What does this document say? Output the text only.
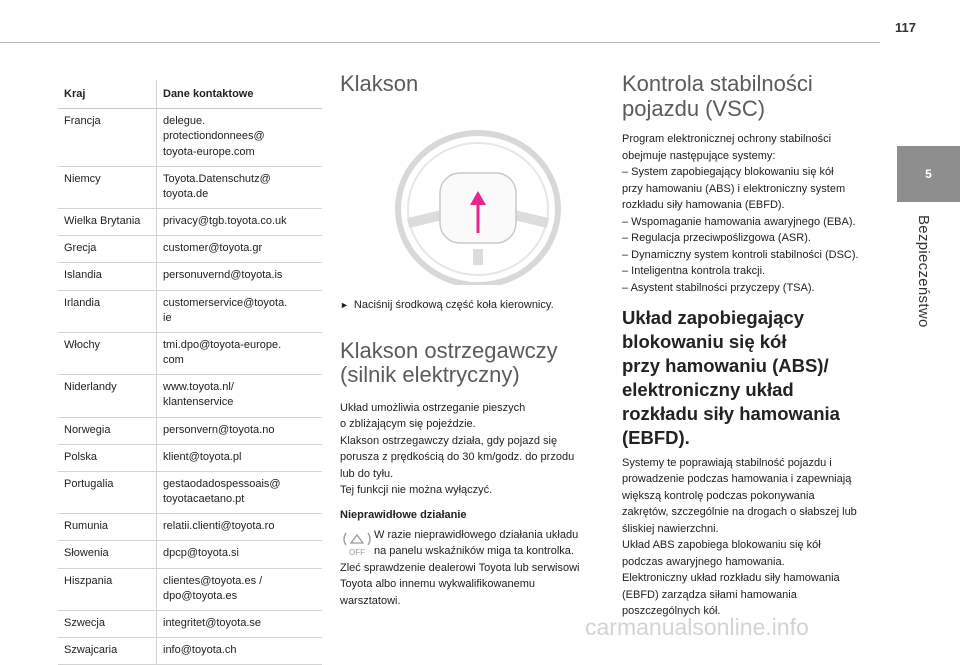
117
5
Bezpieczeństwo
Kraj	Dane kontaktowe
Francja	delegue.
protectiondonnees@
toyota-europe.com
Niemcy	Toyota.Datenschutz@
toyota.de
Wielka Brytania	privacy@tgb.toyota.co.uk
Grecja	customer@toyota.gr
Islandia	personuvernd@toyota.is
Irlandia	customerservice@toyota.
ie
Włochy	tmi.dpo@toyota-europe.
com
Niderlandy	www.toyota.nl/
klantenservice
Norwegia	personvern@toyota.no
Polska	klient@toyota.pl
Portugalia	gestaodadospessoais@
toyotacaetano.pt
Rumunia	relatii.clienti@toyota.ro
Słowenia	dpcp@toyota.si
Hiszpania	clientes@toyota.es /
dpo@toyota.es
Szwecja	integritet@toyota.se
Szwajcaria	info@toyota.ch
Klakson

► Naciśnij środkową część koła kierownicy.

Klakson ostrzegawczy
(silnik elektryczny)

Układ umożliwia ostrzeganie pieszych
o zbliżającym się pojeździe.
Klakson ostrzegawczy działa, gdy pojazd się
porusza z prędkością do 30 km/godz. do przodu
lub do tyłu.
Tej funkcji nie można wyłączyć.

Nieprawidłowe działanie

OFF

W razie nieprawidłowego działania układu
na panelu wskaźników miga ta kontrolka.

Zleć sprawdzenie dealerowi Toyota lub serwisowi
Toyota albo innemu wykwalifikowanemu
warsztatowi.

Kontrola stabilności
pojazdu (VSC)

Program elektronicznej ochrony stabilności
obejmuje następujące systemy:

– System zapobiegający blokowaniu się kół
przy hamowaniu (ABS) i elektroniczny system
rozkładu siły hamowania (EBFD).

– Wspomaganie hamowania awaryjnego (EBA).

– Regulacja przeciwpoślizgowa (ASR).

– Dynamiczny system kontroli stabilności (DSC).

– Inteligentna kontrola trakcji.

– Asystent stabilności przyczepy (TSA).

Układ zapobiegający
blokowaniu się kół
przy hamowaniu (ABS)/
elektroniczny układ
rozkładu siły hamowania
(EBFD).

Systemy te poprawiają stabilność pojazdu i
prowadzenie podczas hamowania i zapewniają
większą kontrolę podczas pokonywania
zakrętów, szczególnie na drogach o słabszej lub
śliskiej nawierzchni.
Układ ABS zapobiega blokowaniu się kół
podczas awaryjnego hamowania.
Elektroniczny układ rozkładu siły hamowania
(EBFD) zarządza siłami hamowania
poszczególnych kół.

carmanualsonline.info
